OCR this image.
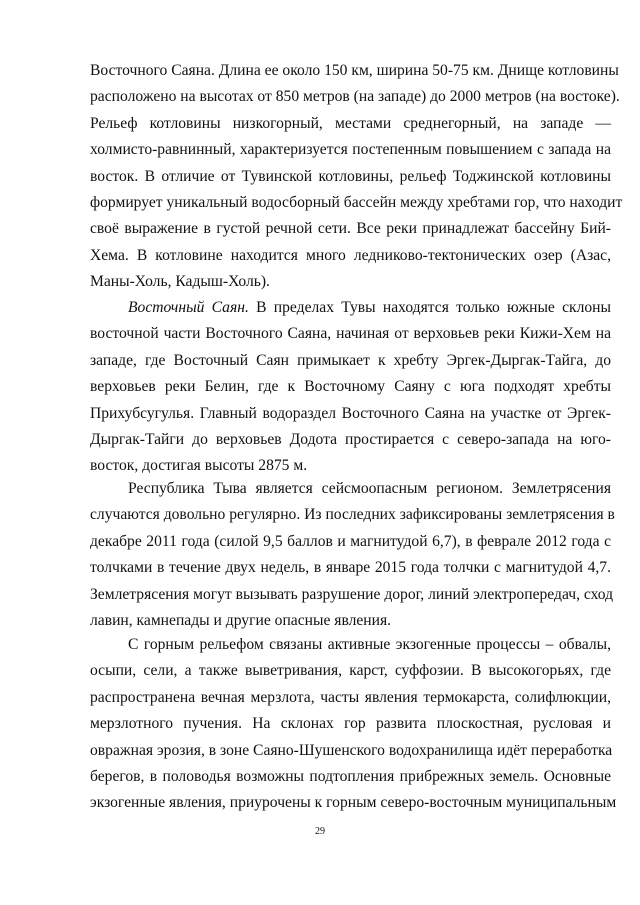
Восточного Саяна. Длина ее около 150 км, ширина 50-75 км. Днище котловины
расположено на высотах от 850 метров (на западе) до 2000 метров (на востоке).
Рельеф котловины низкогорный, местами среднегорный, на западе —
холмисто-равнинный, характеризуется постепенным повышением с запада на
восток. В отличие от Тувинской котловины, рельеф Тоджинской котловины
формирует уникальный водосборный бассейн между хребтами гор, что находит
своё выражение в густой речной сети. Все реки принадлежат бассейну Бий-
Хема. В котловине находится много ледниково-тектонических озер (Азас,
Маны-Холь, Кадыш-Холь).
Восточный Саян. В пределах Тувы находятся только южные склоны
восточной части Восточного Саяна, начиная от верховьев реки Кижи-Хем на
западе, где Восточный Саян примыкает к хребту Эргек-Дыргак-Тайга, до
верховьев реки Белин, где к Восточному Саяну с юга подходят хребты
Прихубсугулья. Главный водораздел Восточного Саяна на участке от Эргек-
Дыргак-Тайги до верховьев Додота простирается с северо-запада на юго-
восток, достигая высоты 2875 м.
Республика Тыва является сейсмоопасным регионом. Землетрясения
случаются довольно регулярно. Из последних зафиксированы землетрясения в
декабре 2011 года (силой 9,5 баллов и магнитудой 6,7), в феврале 2012 года с
толчками в течение двух недель, в январе 2015 года толчки с магнитудой 4,7.
Землетрясения могут вызывать разрушение дорог, линий электропередач, сход
лавин, камнепады и другие опасные явления.
С горным рельефом связаны активные экзогенные процессы – обвалы,
осыпи, сели, а также выветривания, карст, суффозии. В высокогорьях, где
распространена вечная мерзлота, часты явления термокарста, солифлюкции,
мерзлотного пучения. На склонах гор развита плоскостная, русловая и
овражная эрозия, в зоне Саяно-Шушенского водохранилища идёт переработка
берегов, в половодья возможны подтопления прибрежных земель. Основные
экзогенные явления, приурочены к горным северо-восточным муниципальным
29
